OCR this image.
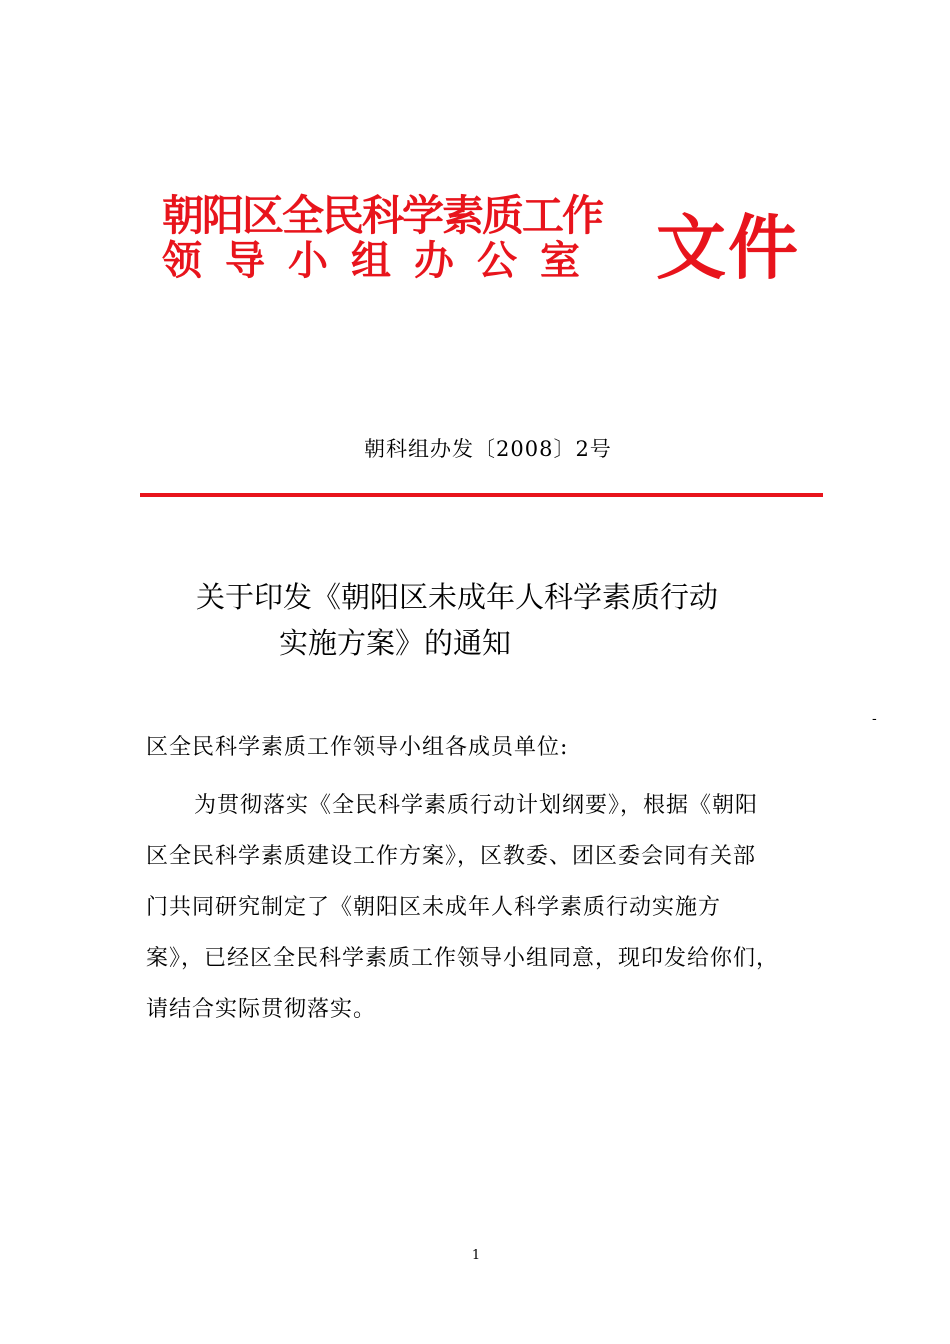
朝阳区全民科学素质工作
领导小组办公室 文件
朝科组办发〔2008〕2号
关于印发《朝阳区未成年人科学素质行动
实施方案》的通知
-
区全民科学素质工作领导小组各成员单位:
为贯彻落实《全民科学素质行动计划纲要》，根据《朝阳
区全民科学素质建设工作方案》，区教委、团区委会同有关部
门共同研究制定了《朝阳区未成年人科学素质行动实施方
案》，已经区全民科学素质工作领导小组同意，现印发给你们，
请结合实际贯彻落实。
1
